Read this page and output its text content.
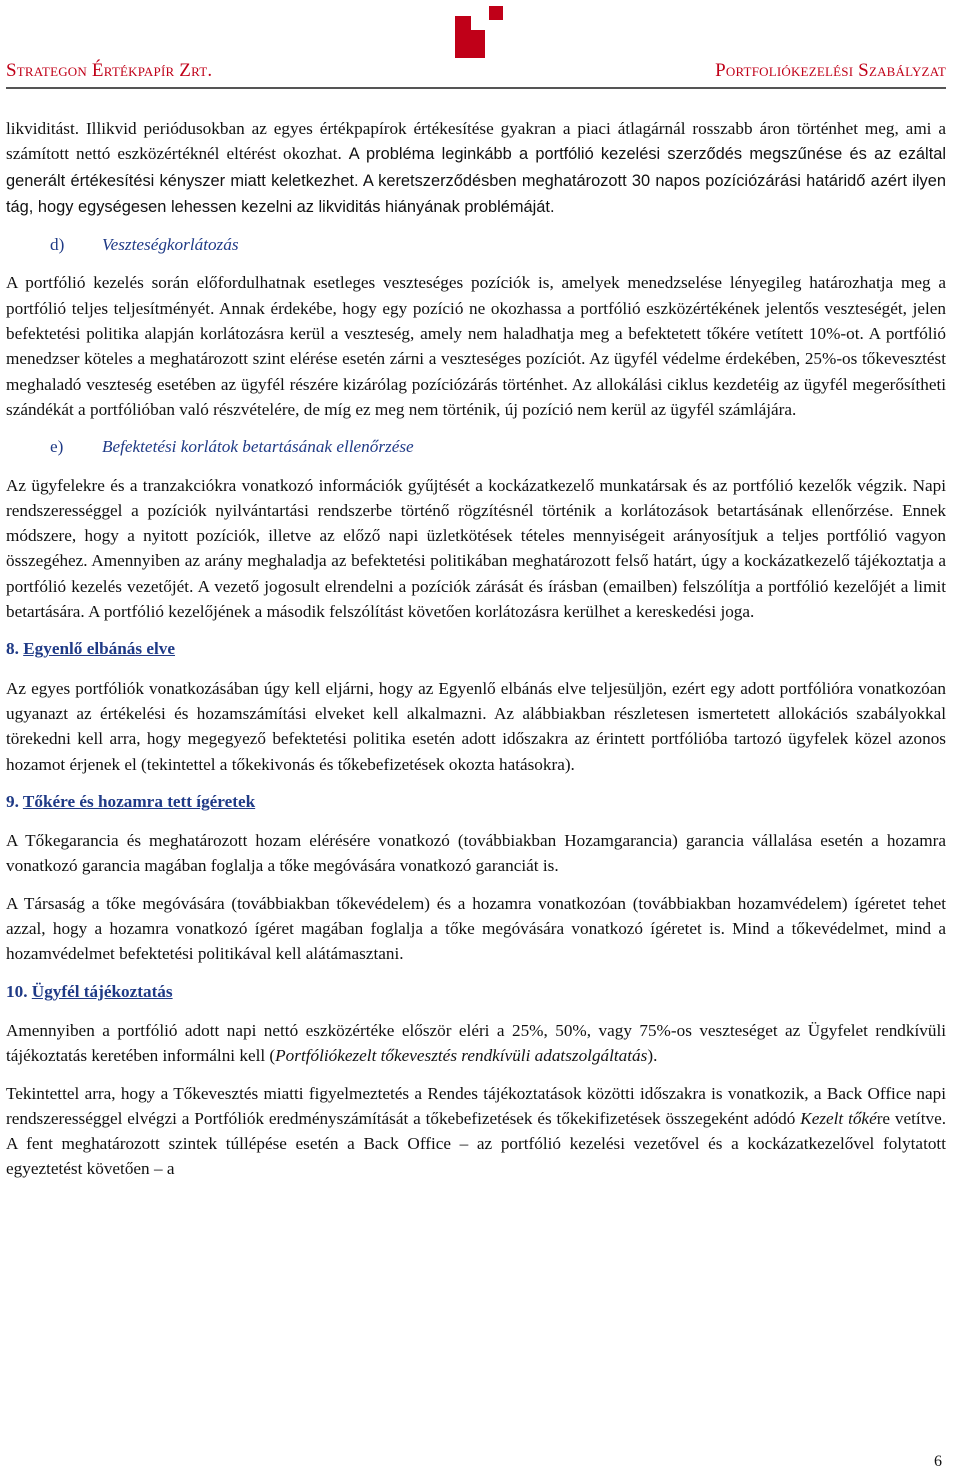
Strategon Értékpapír Zrt.	Portfoliókezelési Szabályzat

likviditást. Illikvid periódusokban az egyes értékpapírok értékesítése gyakran a piaci átlagárnál rosszabb áron történhet meg, ami a számított nettó eszközértéknél eltérést okozhat. A probléma leginkább a portfólió kezelési szerződés megszűnése és az ezáltal generált értékesítési kényszer miatt keletkezhet. A keretszerződésben meghatározott 30 napos pozíciózárási határidő azért ilyen tág, hogy egységesen lehessen kezelni az likviditás hiányának problémáját.

d) Veszteségkorlátozás

A portfólió kezelés során előfordulhatnak esetleges veszteséges pozíciók is, amelyek menedzselése lényegileg határozhatja meg a portfólió teljes teljesítményét. Annak érdekébe, hogy egy pozíció ne okozhassa a portfólió eszközértékének jelentős veszteségét, jelen befektetési politika alapján korlátozásra kerül a veszteség, amely nem haladhatja meg a befektetett tőkére vetített 10%-ot. A portfólió menedzser köteles a meghatározott szint elérése esetén zárni a veszteséges pozíciót. Az ügyfél védelme érdekében, 25%-os tőkevesztést meghaladó veszteség esetében az ügyfél részére kizárólag pozíciózárás történhet. Az allokálási ciklus kezdetéig az ügyfél megerősítheti szándékát a portfólióban való részvételére, de míg ez meg nem történik, új pozíció nem kerül az ügyfél számlájára.

e) Befektetési korlátok betartásának ellenőrzése

Az ügyfelekre és a tranzakciókra vonatkozó információk gyűjtését a kockázatkezelő munkatársak és az portfólió kezelők végzik. Napi rendszerességgel a pozíciók nyilvántartási rendszerbe történő rögzítésnél történik a korlátozások betartásának ellenőrzése. Ennek módszere, hogy a nyitott pozíciók, illetve az előző napi üzletkötések tételes mennyiségeit arányosítjuk a teljes portfólió vagyon összegéhez. Amennyiben az arány meghaladja az befektetési politikában meghatározott felső határt, úgy a kockázatkezelő tájékoztatja a portfólió kezelés vezetőjét. A vezető jogosult elrendelni a pozíciók zárását és írásban (emailben) felszólítja a portfólió kezelőjét a limit betartására. A portfólió kezelőjének a második felszólítást követően korlátozásra kerülhet a kereskedési joga.

8. Egyenlő elbánás elve

Az egyes portfóliók vonatkozásában úgy kell eljárni, hogy az Egyenlő elbánás elve teljesüljön, ezért egy adott portfólióra vonatkozóan ugyanazt az értékelési és hozamszámítási elveket kell alkalmazni. Az alábbiakban részletesen ismertetett allokációs szabályokkal törekedni kell arra, hogy megegyező befektetési politika esetén adott időszakra az érintett portfólióba tartozó ügyfelek közel azonos hozamot érjenek el (tekintettel a tőkekivonás és tőkebefizetések okozta hatásokra).

9. Tőkére és hozamra tett ígéretek

A Tőkegarancia és meghatározott hozam elérésére vonatkozó (továbbiakban Hozamgarancia) garancia vállalása esetén a hozamra vonatkozó garancia magában foglalja a tőke megóvására vonatkozó garanciát is.

A Társaság a tőke megóvására (továbbiakban tőkevédelem) és a hozamra vonatkozóan (továbbiakban hozamvédelem) ígéretet tehet azzal, hogy a hozamra vonatkozó ígéret magában foglalja a tőke megóvására vonatkozó ígéretet is. Mind a tőkevédelmet, mind a hozamvédelmet befektetési politikával kell alátámasztani.

10. Ügyfél tájékoztatás

Amennyiben a portfólió adott napi nettó eszközértéke először eléri a 25%, 50%, vagy 75%-os veszteséget az Ügyfelet rendkívüli tájékoztatás keretében informálni kell (Portfóliókezelt tőkevesztés rendkívüli adatszolgáltatás).

Tekintettel arra, hogy a Tőkevesztés miatti figyelmeztetés a Rendes tájékoztatások közötti időszakra is vonatkozik, a Back Office napi rendszerességgel elvégzi a Portfóliók eredményszámítását a tőkebefizetések és tőkekifizetések összegeként adódó Kezelt tőkére vetítve. A fent meghatározott szintek túllépése esetén a Back Office – az portfólió kezelési vezetővel és a kockázatkezelővel folytatott egyeztetést követően – a

6
